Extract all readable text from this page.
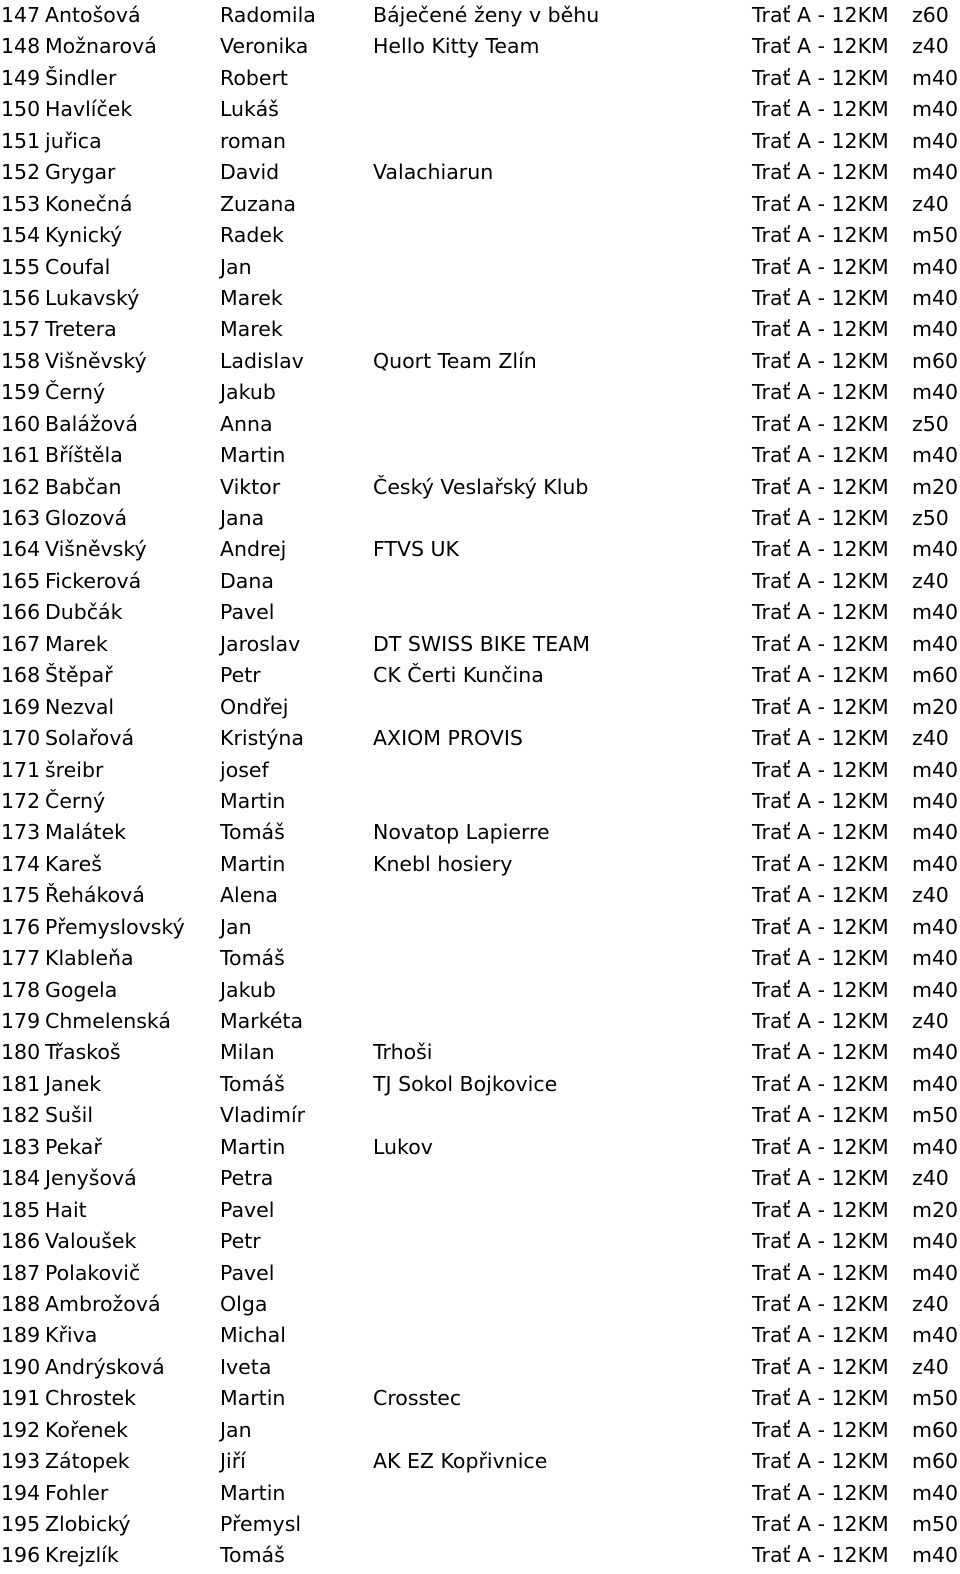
147 Antošová	Radomila	Báječené ženy v běhu	Trať A - 12KM z60
148 Možnarová	Veronika	Hello Kitty Team	Trať A - 12KM z40
149 Šindler	Robert	Trať A - 12KM m40
150 Havlíček	Lukáš	Trať A - 12KM m40
151 juřica	roman	Trať A - 12KM m40
152 Grygar	David	Valachiarun	Trať A - 12KM m40
153 Konečná	Zuzana	Trať A - 12KM z40
154 Kynický	Radek	Trať A - 12KM m50
155 Coufal	Jan	Trať A - 12KM m40
156 Lukavský	Marek	Trať A - 12KM m40
157 Tretera	Marek	Trať A - 12KM m40
158 Višněvský	Ladislav	Quort Team Zlín	Trať A - 12KM m60
159 Černý	Jakub	Trať A - 12KM m40
160 Balážová	Anna	Trať A - 12KM z50
161 Bříštěla	Martin	Trať A - 12KM m40
162 Babčan	Viktor	Český Veslařský Klub	Trať A - 12KM m20
163 Glozová	Jana	Trať A - 12KM z50
164 Višněvský	Andrej	FTVS UK	Trať A - 12KM m40
165 Fickerová	Dana	Trať A - 12KM z40
166 Dubčák	Pavel	Trať A - 12KM m40
167 Marek	Jaroslav	DT SWISS BIKE TEAM	Trať A - 12KM m40
168 Štěpař	Petr	CK Čerti Kunčina	Trať A - 12KM m60
169 Nezval	Ondřej	Trať A - 12KM m20
170 Solařová	Kristýna	AXIOM PROVIS	Trať A - 12KM z40
171 šreibr	josef	Trať A - 12KM m40
172 Černý	Martin	Trať A - 12KM m40
173 Malátek	Tomáš	Novatop Lapierre	Trať A - 12KM m40
174 Kareš	Martin	Knebl hosiery	Trať A - 12KM m40
175 Řeháková	Alena	Trať A - 12KM z40
176 Přemyslovský Jan	Trať A - 12KM m40
177 Klableňa	Tomáš	Trať A - 12KM m40
178 Gogela	Jakub	Trať A - 12KM m40
179 Chmelenská Markéta	Trať A - 12KM z40
180 Třaskoš	Milan	Trhoši	Trať A - 12KM m40
181 Janek	Tomáš	TJ Sokol Bojkovice	Trať A - 12KM m40
182 Sušil	Vladimír	Trať A - 12KM m50
183 Pekař	Martin	Lukov	Trať A - 12KM m40
184 Jenyšová	Petra	Trať A - 12KM z40
185 Hait	Pavel	Trať A - 12KM m20
186 Valoušek	Petr	Trať A - 12KM m40
187 Polakovič	Pavel	Trať A - 12KM m40
188 Ambrožová	Olga	Trať A - 12KM z40
189 Křiva	Michal	Trať A - 12KM m40
190 Andrýsková	Iveta	Trať A - 12KM z40
191 Chrostek	Martin	Crosstec	Trať A - 12KM m50
192 Kořenek	Jan	Trať A - 12KM m60
193 Zátopek	Jiří	AK EZ Kopřivnice	Trať A - 12KM m60
194 Fohler	Martin	Trať A - 12KM m40
195 Zlobický	Přemysl	Trať A - 12KM m50
196 Krejzlík	Tomáš	Trať A - 12KM m40
